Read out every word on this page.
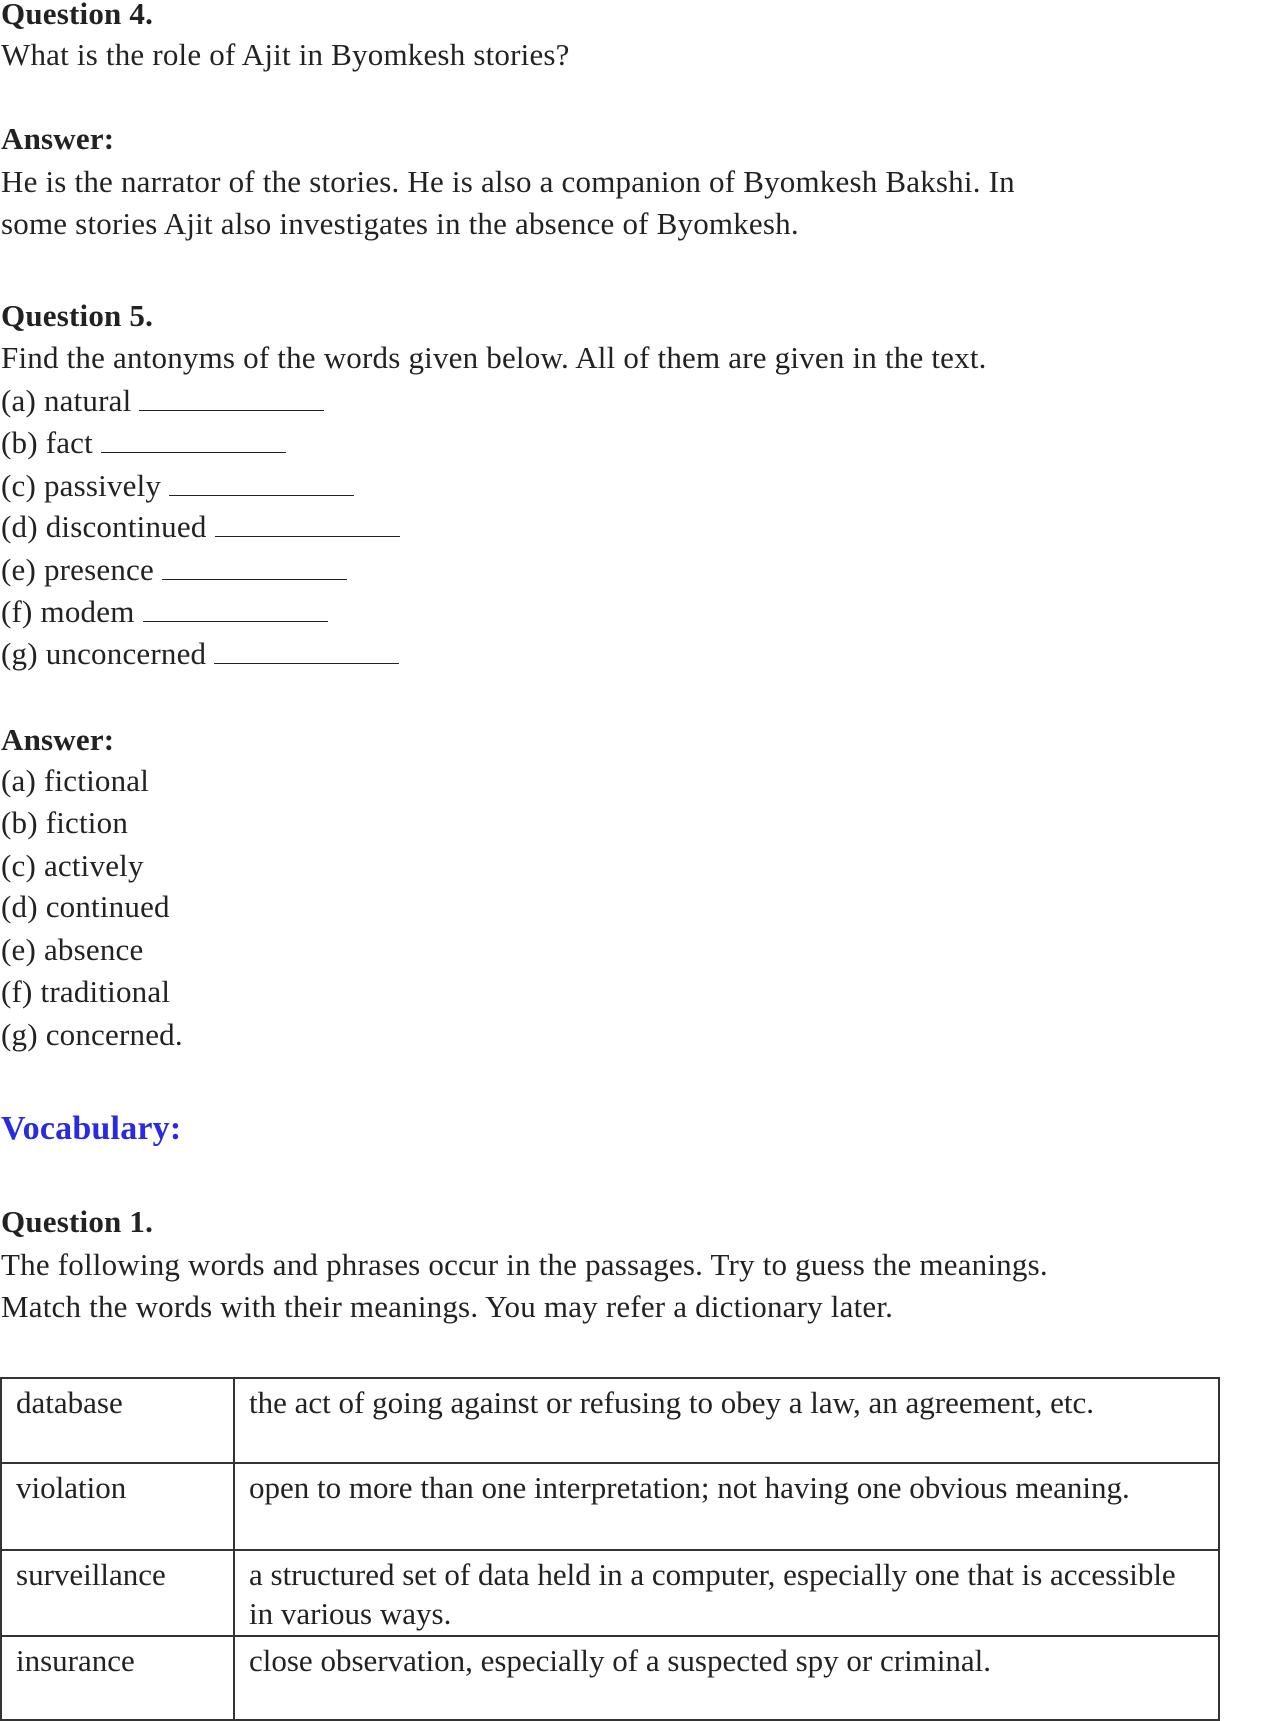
Question 4.
What is the role of Ajit in Byomkesh stories?
Answer:
He is the narrator of the stories. He is also a companion of Byomkesh Bakshi. In
some stories Ajit also investigates in the absence of Byomkesh.
Question 5.
Find the antonyms of the words given below. All of them are given in the text.
(a) natural
(b) fact
(c) passively
(d) discontinued
(e) presence
(f) modem
(g) unconcerned
Answer:
(a) fictional
(b) fiction
(c) actively
(d) continued
(e) absence
(f) traditional
(g) concerned.
Vocabulary:
Question 1.
The following words and phrases occur in the passages. Try to guess the meanings.
Match the words with their meanings. You may refer a dictionary later.
database	the act of going against or refusing to obey a law, an agreement, etc.
violation	open to more than one interpretation; not having one obvious meaning.
surveillance	a structured set of data held in a computer, especially one that is accessible in various ways.
insurance	close observation, especially of a suspected spy or criminal.
